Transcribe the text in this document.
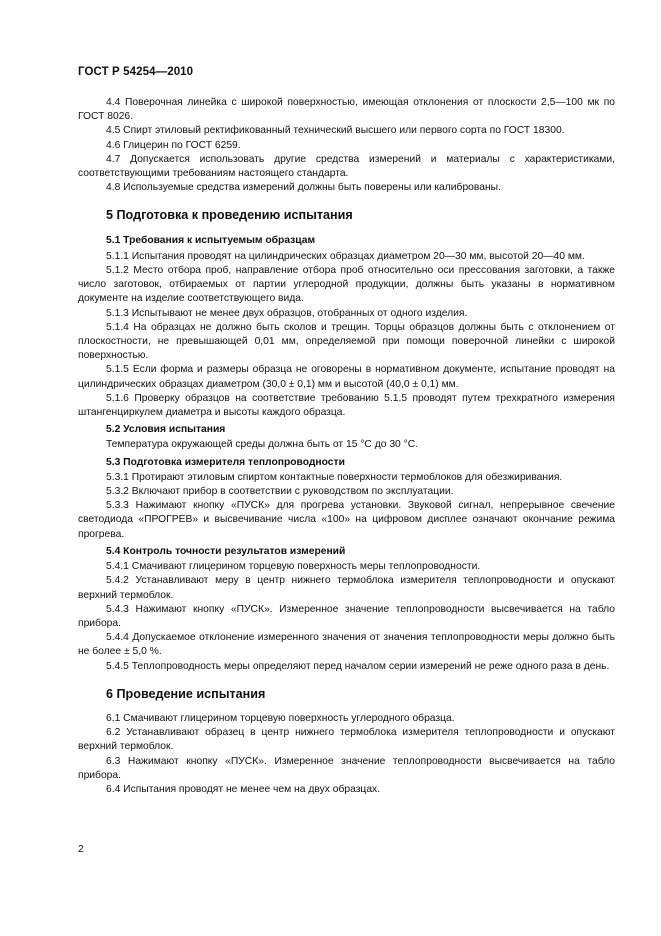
ГОСТ Р 54254—2010
4.4 Поверочная линейка с широкой поверхностью, имеющая отклонения от плоскости 2,5—100 мк по ГОСТ 8026.
4.5 Спирт этиловый ректификованный технический высшего или первого сорта по ГОСТ 18300.
4.6 Глицерин по ГОСТ 6259.
4.7 Допускается использовать другие средства измерений и материалы с характеристиками, соответствующими требованиям настоящего стандарта.
4.8 Используемые средства измерений должны быть поверены или калиброваны.
5 Подготовка к проведению испытания
5.1 Требования к испытуемым образцам
5.1.1 Испытания проводят на цилиндрических образцах диаметром 20—30 мм, высотой 20—40 мм.
5.1.2 Место отбора проб, направление отбора проб относительно оси прессования заготовки, а также число заготовок, отбираемых от партии углеродной продукции, должны быть указаны в нормативном документе на изделие соответствующего вида.
5.1.3 Испытывают не менее двух образцов, отобранных от одного изделия.
5.1.4 На образцах не должно быть сколов и трещин. Торцы образцов должны быть с отклонением от плоскостности, не превышающей 0,01 мм, определяемой при помощи поверочной линейки с широкой поверхностью.
5.1.5 Если форма и размеры образца не оговорены в нормативном документе, испытание проводят на цилиндрических образцах диаметром (30,0 ± 0,1) мм и высотой (40,0 ± 0,1) мм.
5.1.6 Проверку образцов на соответствие требованию 5.1.5 проводят путем трехкратного измерения штангенциркулем диаметра и высоты каждого образца.
5.2 Условия испытания
Температура окружающей среды должна быть от 15 °С до 30 °С.
5.3 Подготовка измерителя теплопроводности
5.3.1 Протирают этиловым спиртом контактные поверхности термоблоков для обезжиривания.
5.3.2 Включают прибор в соответствии с руководством по эксплуатации.
5.3.3 Нажимают кнопку «ПУСК» для прогрева установки. Звуковой сигнал, непрерывное свечение светодиода «ПРОГРЕВ» и высвечивание числа «100» на цифровом дисплее означают окончание режима прогрева.
5.4 Контроль точности результатов измерений
5.4.1 Смачивают глицерином торцевую поверхность меры теплопроводности.
5.4.2 Устанавливают меру в центр нижнего термоблока измерителя теплопроводности и опускают верхний термоблок.
5.4.3 Нажимают кнопку «ПУСК». Измеренное значение теплопроводности высвечивается на табло прибора.
5.4.4 Допускаемое отклонение измеренного значения от значения теплопроводности меры должно быть не более ± 5,0 %.
5.4.5 Теплопроводность меры определяют перед началом серии измерений не реже одного раза в день.
6 Проведение испытания
6.1 Смачивают глицерином торцевую поверхность углеродного образца.
6.2 Устанавливают образец в центр нижнего термоблока измерителя теплопроводности и опускают верхний термоблок.
6.3 Нажимают кнопку «ПУСК». Измеренное значение теплопроводности высвечивается на табло прибора.
6.4 Испытания проводят не менее чем на двух образцах.
2
